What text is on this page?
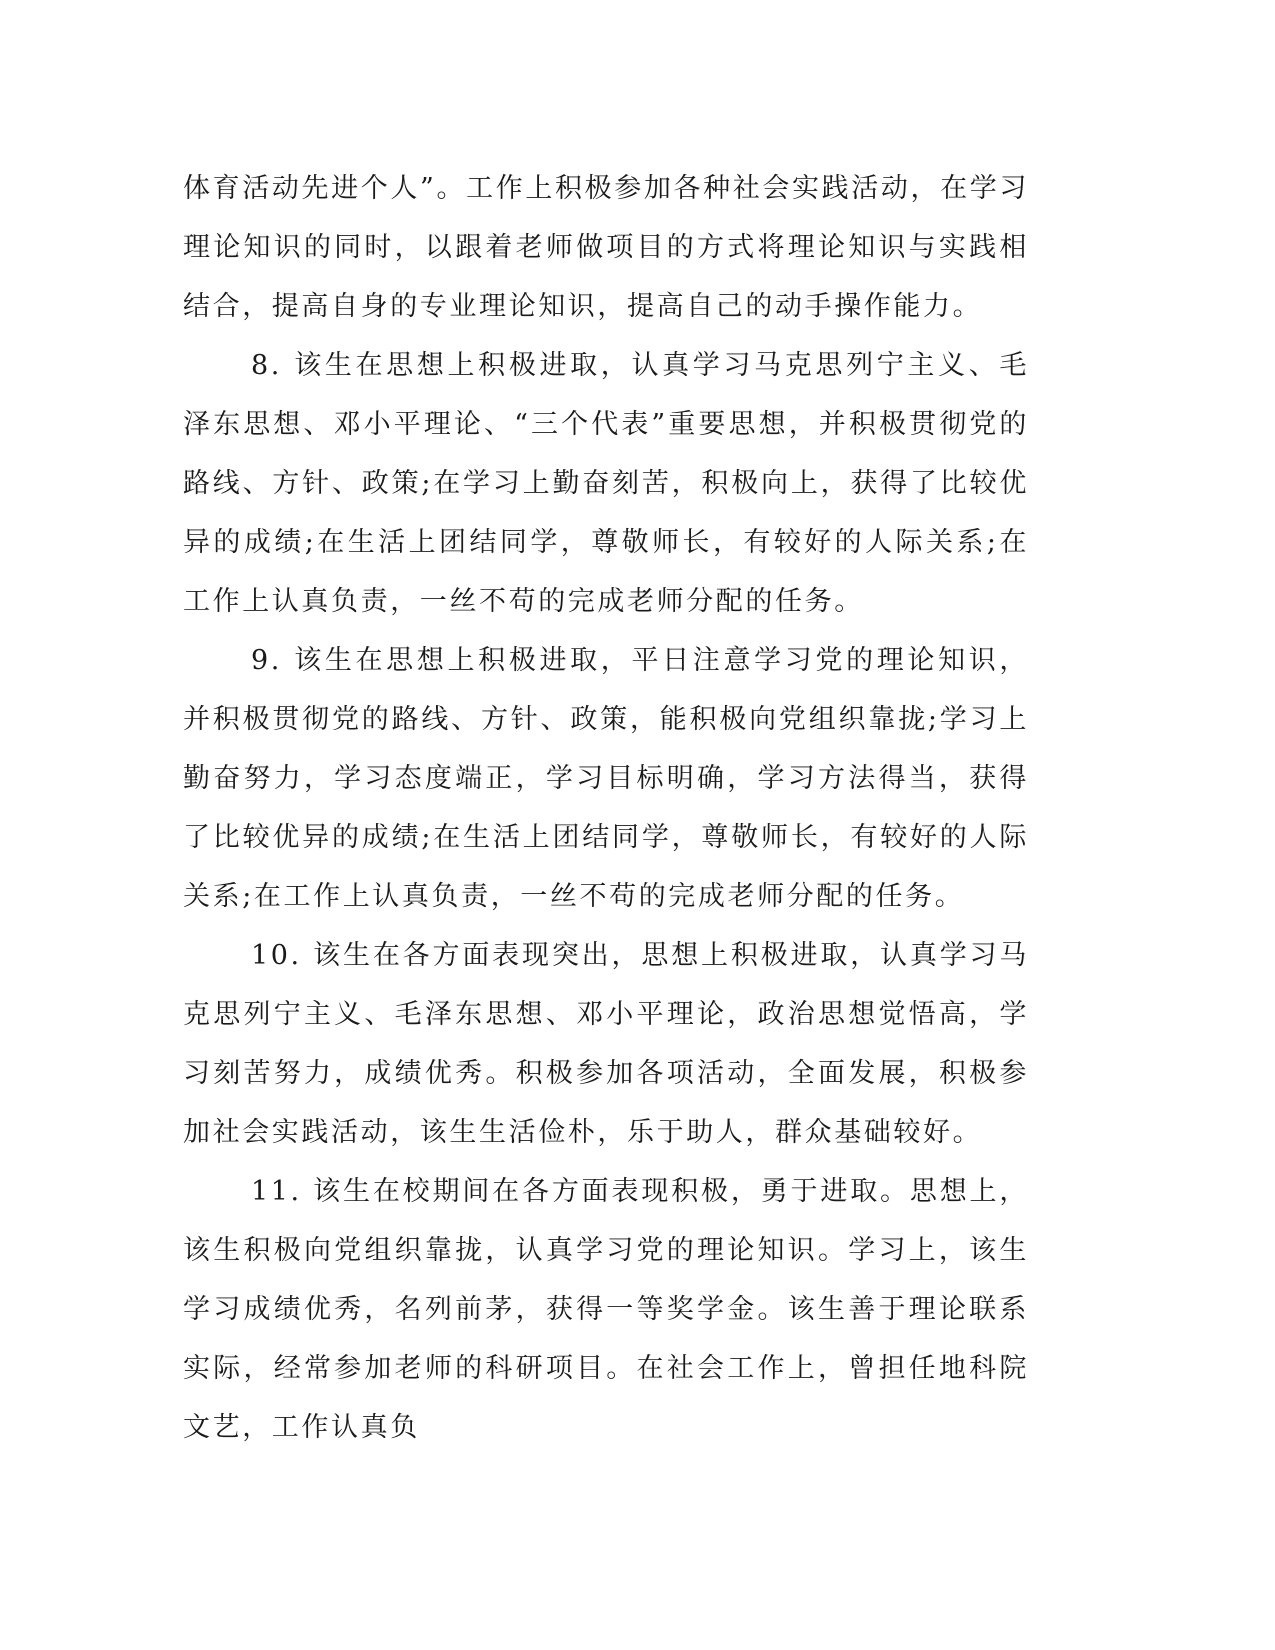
体育活动先进个人”。工作上积极参加各种社会实践活动，在学习理论知识的同时，以跟着老师做项目的方式将理论知识与实践相结合，提高自身的专业理论知识，提高自己的动手操作能力。

8. 该生在思想上积极进取，认真学习马克思列宁主义、毛泽东思想、邓小平理论、“三个代表”重要思想，并积极贯彻党的路线、方针、政策;在学习上勤奋刻苦，积极向上，获得了比较优异的成绩;在生活上团结同学，尊敬师长，有较好的人际关系;在工作上认真负责，一丝不苟的完成老师分配的任务。

9. 该生在思想上积极进取，平日注意学习党的理论知识，并积极贯彻党的路线、方针、政策，能积极向党组织靠拢;学习上勤奋努力，学习态度端正，学习目标明确，学习方法得当，获得了比较优异的成绩;在生活上团结同学，尊敬师长，有较好的人际关系;在工作上认真负责，一丝不苟的完成老师分配的任务。

10. 该生在各方面表现突出，思想上积极进取，认真学习马克思列宁主义、毛泽东思想、邓小平理论，政治思想觉悟高，学习刻苦努力，成绩优秀。积极参加各项活动，全面发展，积极参加社会实践活动，该生生活俭朴，乐于助人，群众基础较好。

11. 该生在校期间在各方面表现积极，勇于进取。思想上，该生积极向党组织靠拢，认真学习党的理论知识。学习上，该生学习成绩优秀，名列前茅，获得一等奖学金。该生善于理论联系实际，经常参加老师的科研项目。在社会工作上，曾担任地科院文艺，工作认真负
